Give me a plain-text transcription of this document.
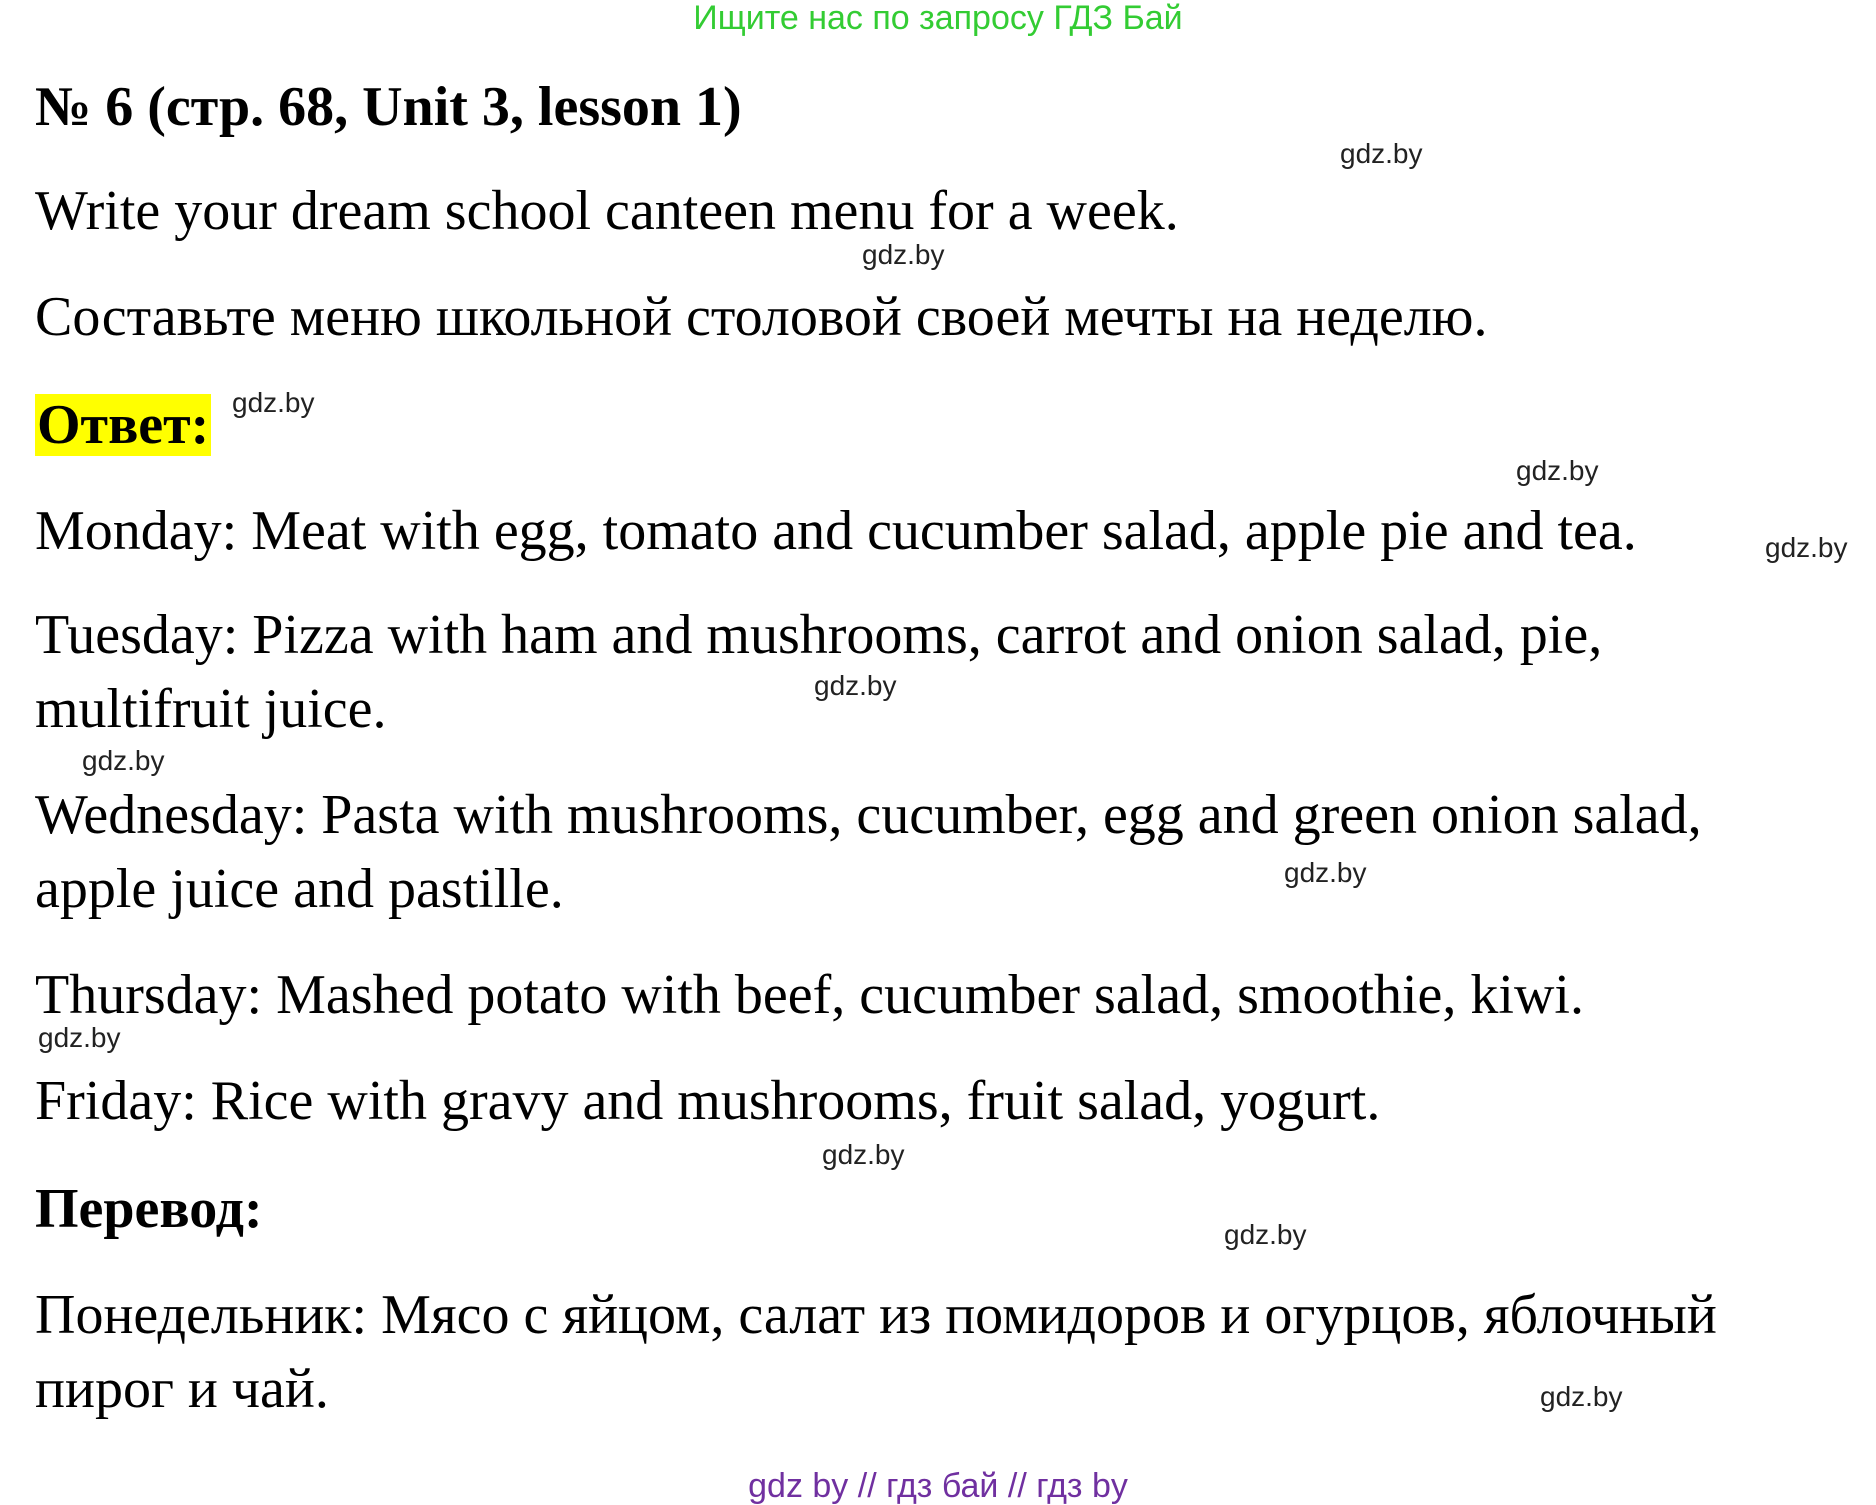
Ищите нас по запросу ГДЗ Бай
№ 6 (стр. 68, Unit 3, lesson 1)
Write your dream school canteen menu for a week.
Составьте меню школьной столовой своей мечты на неделю.
Ответ:
Monday: Meat with egg, tomato and cucumber salad, apple pie and tea.
Tuesday: Pizza with ham and mushrooms, carrot and onion salad, pie,
multifruit juice.
Wednesday: Pasta with mushrooms, cucumber, egg and green onion salad,
apple juice and pastille.
Thursday: Mashed potato with beef, cucumber salad, smoothie, kiwi.
Friday: Rice with gravy and mushrooms, fruit salad, yogurt.
Перевод:
Понедельник: Мясо с яйцом, салат из помидоров и огурцов, яблочный
пирог и чай.
gdz.by
gdz.by
gdz.by
gdz.by
gdz.by
gdz.by
gdz.by
gdz.by
gdz.by
gdz.by
gdz.by
gdz.by
gdz by // гдз бай // гдз by
